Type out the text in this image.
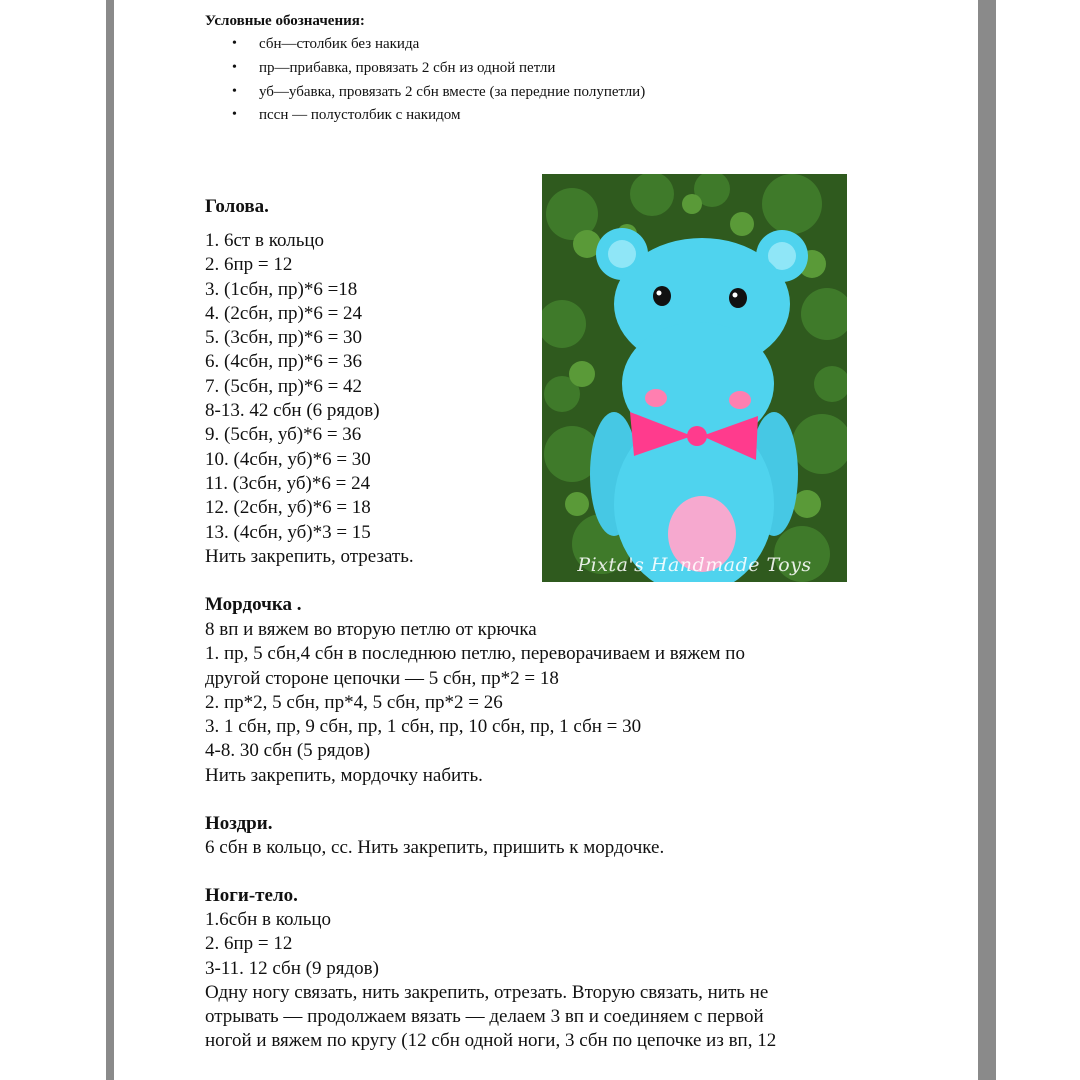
Условные обозначения:
• сбн—столбик без накида
• пр—прибавка, провязать 2 сбн из одной петли
• уб—убавка, провязать 2 сбн вместе (за передние полупетли)
• пссн — полустолбик с накидом
Голова.
1. 6ст в кольцо
2. 6пр = 12
3. (1сбн, пр)*6 =18
4. (2сбн, пр)*6 = 24
5. (3сбн, пр)*6 = 30
6. (4сбн, пр)*6 = 36
7. (5сбн, пр)*6 = 42
8-13. 42 сбн (6 рядов)
9. (5сбн, уб)*6 = 36
10. (4сбн, уб)*6 = 30
11. (3сбн, уб)*6 = 24
12. (2сбн, уб)*6 = 18
13. (4сбн, уб)*3 = 15
Нить закрепить, отрезать.	Pixta's Handmade Toys
Мордочка .
8 вп и вяжем во вторую петлю от крючка
1. пр, 5 сбн,4 сбн в последнюю петлю, переворачиваем и вяжем по
другой стороне цепочки — 5 сбн, пр*2 = 18
2. пр*2, 5 сбн, пр*4, 5 сбн, пр*2 = 26
3. 1 сбн, пр, 9 сбн, пр, 1 сбн, пр, 10 сбн, пр, 1 сбн = 30
4-8. 30 сбн (5 рядов)
Нить закрепить, мордочку набить.
Ноздри.
6 сбн в кольцо, сс. Нить закрепить, пришить к мордочке.
Ноги-тело.
1.6сбн в кольцо
2. 6пр = 12
3-11. 12 сбн (9 рядов)
Одну ногу связать, нить закрепить, отрезать. Вторую связать, нить не
отрывать — продолжаем вязать — делаем 3 вп и соединяем с первой
ногой и вяжем по кругу (12 сбн одной ноги, 3 сбн по цепочке из вп, 12
